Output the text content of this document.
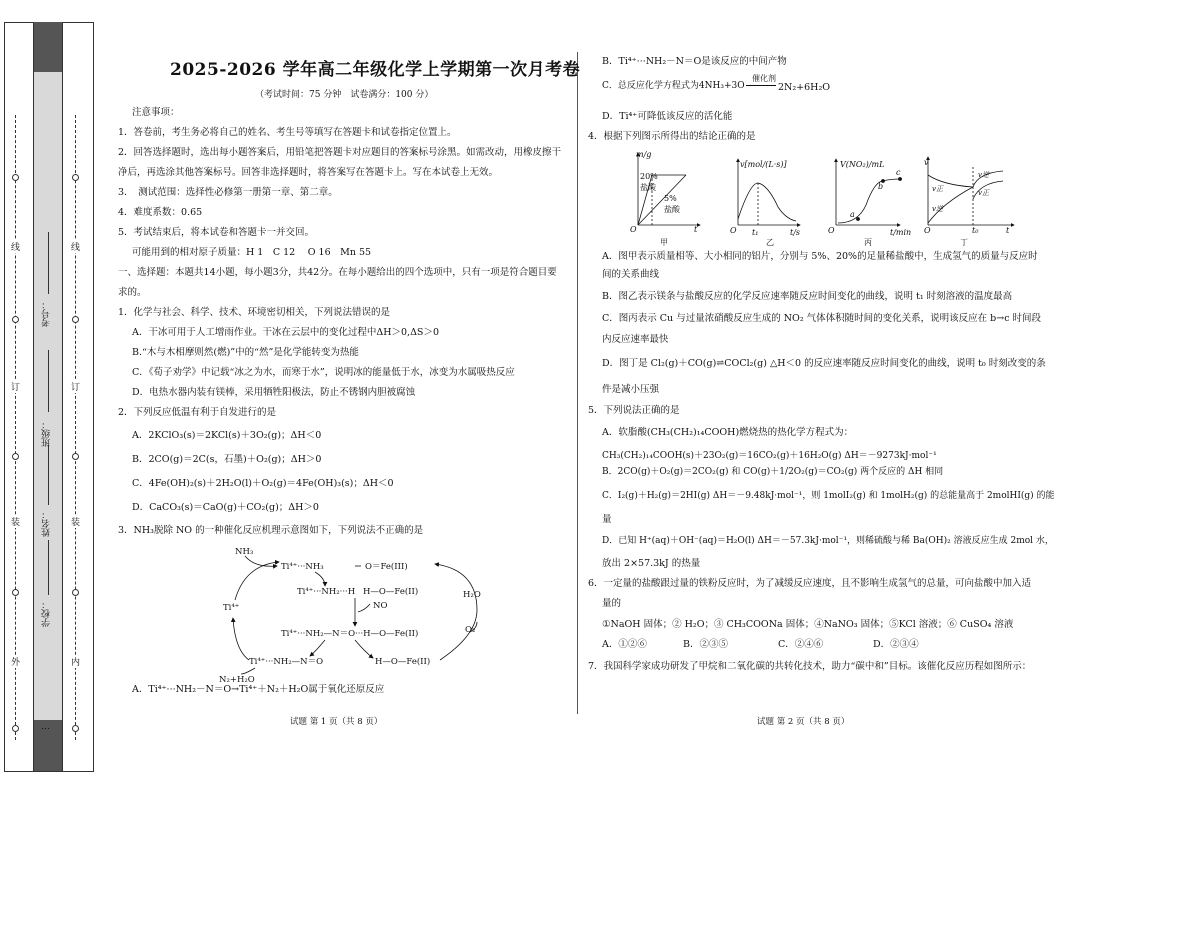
线
订
装
外
线
订
装
内
学校：
姓名：
班级：
考号：
…
2025-2026 学年高二年级化学上学期第一次月考卷
（考试时间：75 分钟　试卷满分：100 分）
注意事项：
1．答卷前，考生务必将自己的姓名、考生号等填写在答题卡和试卷指定位置上。
2．回答选择题时，选出每小题答案后，用铅笔把答题卡对应题目的答案标号涂黑。如需改动，用橡皮擦干
净后，再选涂其他答案标号。回答非选择题时，将答案写在答题卡上。写在本试卷上无效。
3．　测试范围：选择性必修第一册第一章、第二章。
4．难度系数：0.65
5．考试结束后，将本试卷和答题卡一并交回。
可能用到的相对原子质量：H 1　C 12　 O 16　Mn 55
一、选择题：本题共14小题，每小题3分，共42分。在每小题给出的四个选项中，只有一项是符合题目要
求的。
1．化学与社会、科学、技术、环境密切相关，下列说法错误的是
A．干冰可用于人工增雨作业。干冰在云层中的变化过程中ΔH＞0,ΔS＞0
B.“木与木相摩则然(燃)”中的“然”是化学能转变为热能
C．《荀子劝学》中记载“冰之为水，而寒于水”，说明冰的能量低于水，冰变为水属吸热反应
D．电热水器内装有镁棒，采用牺牲阳极法，防止不锈钢内胆被腐蚀
2．下列反应低温有利于自发进行的是
A．2KClO₃(s)＝2KCl(s)＋3O₂(g)；ΔH＜0
B．2CO(g)＝2C(s，石墨)＋O₂(g)；ΔH＞0
C．4Fe(OH)₂(s)＋2H₂O(l)＋O₂(g)＝4Fe(OH)₃(s)；ΔH＜0
D．CaCO₃(s)＝CaO(g)＋CO₂(g)；ΔH＞0
3．NH₃脱除 NO 的一种催化反应机理示意图如下，下列说法不正确的是
NH₃
Ti⁴⁺
Ti⁴⁺···NH₃	O＝Fe(III)
Ti⁴⁺···NH₂···H H—O—Fe(II)
NO
Ti⁴⁺···NH₂—N＝O···H—O—Fe(II)
Ti⁴⁺···NH₂—N＝O	H—O—Fe(II)
H₂O
O₂
N₂+H₂O
A．Ti⁴⁺···NH₂－N＝O→Ti⁴⁺＋N₂＋H₂O属于氧化还原反应
试题 第 1 页（共 8 页）
B．Ti⁴⁺···NH₂－N＝O是该反应的中间产物
C．总反应化学方程式为4NH₃+3O
催化剂
2N₂+6H₂O
D．Ti⁴⁺可降低该反应的活化能
4．根据下列图示所得出的结论正确的是
m/g
20%
盐酸
5%
盐酸
t
O
甲
v[mol/(L·s)]
t/s
t₁
O
乙
V(NO₂)/mL
a
b
c
t/min
O
丙
v
v正
v逆
v逆
v正
t₀	t
O
丁
A．图甲表示质量相等、大小相同的铝片，分别与 5%、20%的足量稀盐酸中，生成氢气的质量与反应时
间的关系曲线
B．图乙表示镁条与盐酸反应的化学反应速率随反应时间变化的曲线，说明 t₁ 时刻溶液的温度最高
C．图丙表示 Cu 与过量浓硝酸反应生成的 NO₂ 气体体积随时间的变化关系，说明该反应在 b→c 时间段
内反应速率最快
D．图丁是 Cl₂(g)＋CO(g)⇌COCl₂(g) △H＜0 的反应速率随反应时间变化的曲线，说明 t₀ 时刻改变的条
件是减小压强
5．下列说法正确的是
A．软脂酸(CH₃(CH₂)₁₄COOH)燃烧热的热化学方程式为：
CH₃(CH₂)₁₄COOH(s)＋23O₂(g)＝16CO₂(g)＋16H₂O(g) ΔH＝－9273kJ·mol⁻¹
B．2CO(g)＋O₂(g)＝2CO₂(g) 和 CO(g)＋1/2O₂(g)＝CO₂(g) 两个反应的 ΔH 相同
C．I₂(g)＋H₂(g)＝2HI(g) ΔH＝－9.48kJ·mol⁻¹，则 1molI₂(g) 和 1molH₂(g) 的总能量高于 2molHI(g) 的能
量
D．已知 H⁺(aq)＋OH⁻(aq)＝H₂O(l) ΔH＝－57.3kJ·mol⁻¹，则稀硫酸与稀 Ba(OH)₂ 溶液反应生成 2mol 水，
放出 2×57.3kJ 的热量
6．一定量的盐酸跟过量的铁粉反应时，为了减缓反应速度，且不影响生成氢气的总量，可向盐酸中加入适
量的
①NaOH 固体；② H₂O；③ CH₃COONa 固体；④NaNO₃ 固体；⑤KCl 溶液；⑥ CuSO₄ 溶液
A．①②⑥	B．②③⑤	C．②④⑥	D．②③④
7．我国科学家成功研发了甲烷和二氧化碳的共转化技术，助力“碳中和”目标。该催化反应历程如图所示：
试题 第 2 页（共 8 页）
